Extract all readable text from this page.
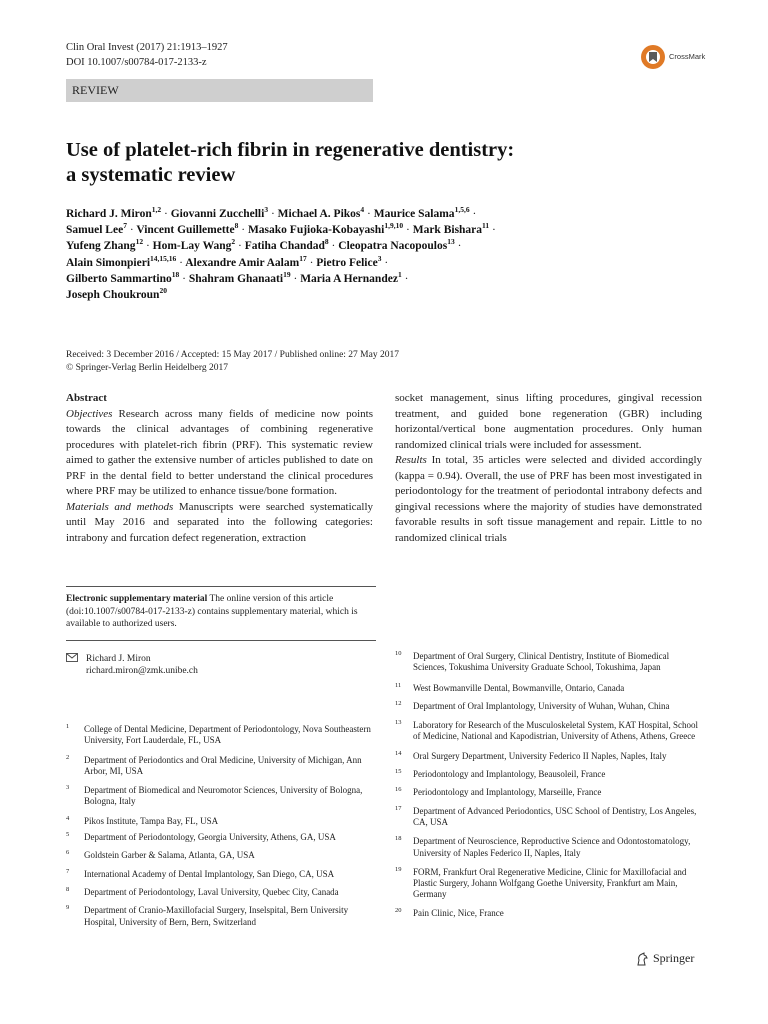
Clin Oral Invest (2017) 21:1913–1927
DOI 10.1007/s00784-017-2133-z
CrossMark
REVIEW
Use of platelet-rich fibrin in regenerative dentistry:
a systematic review
Richard J. Miron$^{1,2}$ · Giovanni Zucchelli$^3$ · Michael A. Pikos$^4$ · Maurice Salama$^{1,5,6}$ ·
Samuel Lee$^7$ · Vincent Guillemette$^8$ · Masako Fujioka-Kobayashi$^{1,9,10}$ · Mark Bishara$^{11}$ ·
Yufeng Zhang$^{12}$ · Hom-Lay Wang$^2$ · Fatiha Chandad$^8$ · Cleopatra Nacopoulos$^{13}$ ·
Alain Simonpieri$^{14,15,16}$ · Alexandre Amir Aalam$^{17}$ · Pietro Felice$^3$ ·
Gilberto Sammartino$^{18}$ · Shahram Ghanaati$^{19}$ · Maria A Hernandez$^1$ ·
Joseph Choukroun$^{20}$
Received: 3 December 2016 / Accepted: 15 May 2017 / Published online: 27 May 2017
© Springer-Verlag Berlin Heidelberg 2017

Abstract

Objectives Research across many fields of medicine now points towards the clinical advantages of combining regenerative procedures with platelet-rich fibrin (PRF). This systematic review aimed to gather the extensive number of articles published to date on PRF in the dental field to better understand the clinical procedures where PRF may be utilized to enhance tissue/bone formation.

Materials and methods Manuscripts were searched systematically until May 2016 and separated into the following categories: intrabony and furcation defect regeneration, extraction

socket management, sinus lifting procedures, gingival recession treatment, and guided bone regeneration (GBR) including horizontal/vertical bone augmentation procedures. Only human randomized clinical trials were included for assessment.

Results In total, 35 articles were selected and divided accordingly (kappa = 0.94). Overall, the use of PRF has been most investigated in periodontology for the treatment of periodontal intrabony defects and gingival recessions where the majority of studies have demonstrated favorable results in soft tissue management and repair. Little to no randomized clinical trials

Electronic supplementary material The online version of this article (doi:10.1007/s00784-017-2133-z) contains supplementary material, which is available to authorized users.
Richard J. Miron
richard.miron@zmk.unibe.ch
1 College of Dental Medicine, Department of Periodontology, Nova Southeastern University, Fort Lauderdale, FL, USA
2 Department of Periodontics and Oral Medicine, University of Michigan, Ann Arbor, MI, USA
3 Department of Biomedical and Neuromotor Sciences, University of Bologna, Bologna, Italy
4 Pikos Institute, Tampa Bay, FL, USA
5 Department of Periodontology, Georgia University, Athens, GA, USA
6 Goldstein Garber & Salama, Atlanta, GA, USA
7 International Academy of Dental Implantology, San Diego, CA, USA
8 Department of Periodontology, Laval University, Quebec City, Canada
9 Department of Cranio-Maxillofacial Surgery, Inselspital, Bern University Hospital, University of Bern, Bern, Switzerland
10 Department of Oral Surgery, Clinical Dentistry, Institute of Biomedical Sciences, Tokushima University Graduate School, Tokushima, Japan
11 West Bowmanville Dental, Bowmanville, Ontario, Canada
12 Department of Oral Implantology, University of Wuhan, Wuhan, China
13 Laboratory for Research of the Musculoskeletal System, KAT Hospital, School of Medicine, National and Kapodistrian, University of Athens, Athens, Greece
14 Oral Surgery Department, University Federico II Naples, Naples, Italy
15 Periodontology and Implantology, Beausoleil, France
16 Periodontology and Implantology, Marseille, France
17 Department of Advanced Periodontics, USC School of Dentistry, Los Angeles, CA, USA
18 Department of Neuroscience, Reproductive Science and Odontostomatology, University of Naples Federico II, Naples, Italy
19 FORM, Frankfurt Oral Regenerative Medicine, Clinic for Maxillofacial and Plastic Surgery, Johann Wolfgang Goethe University, Frankfurt am Main, Germany
20 Pain Clinic, Nice, France
Springer
